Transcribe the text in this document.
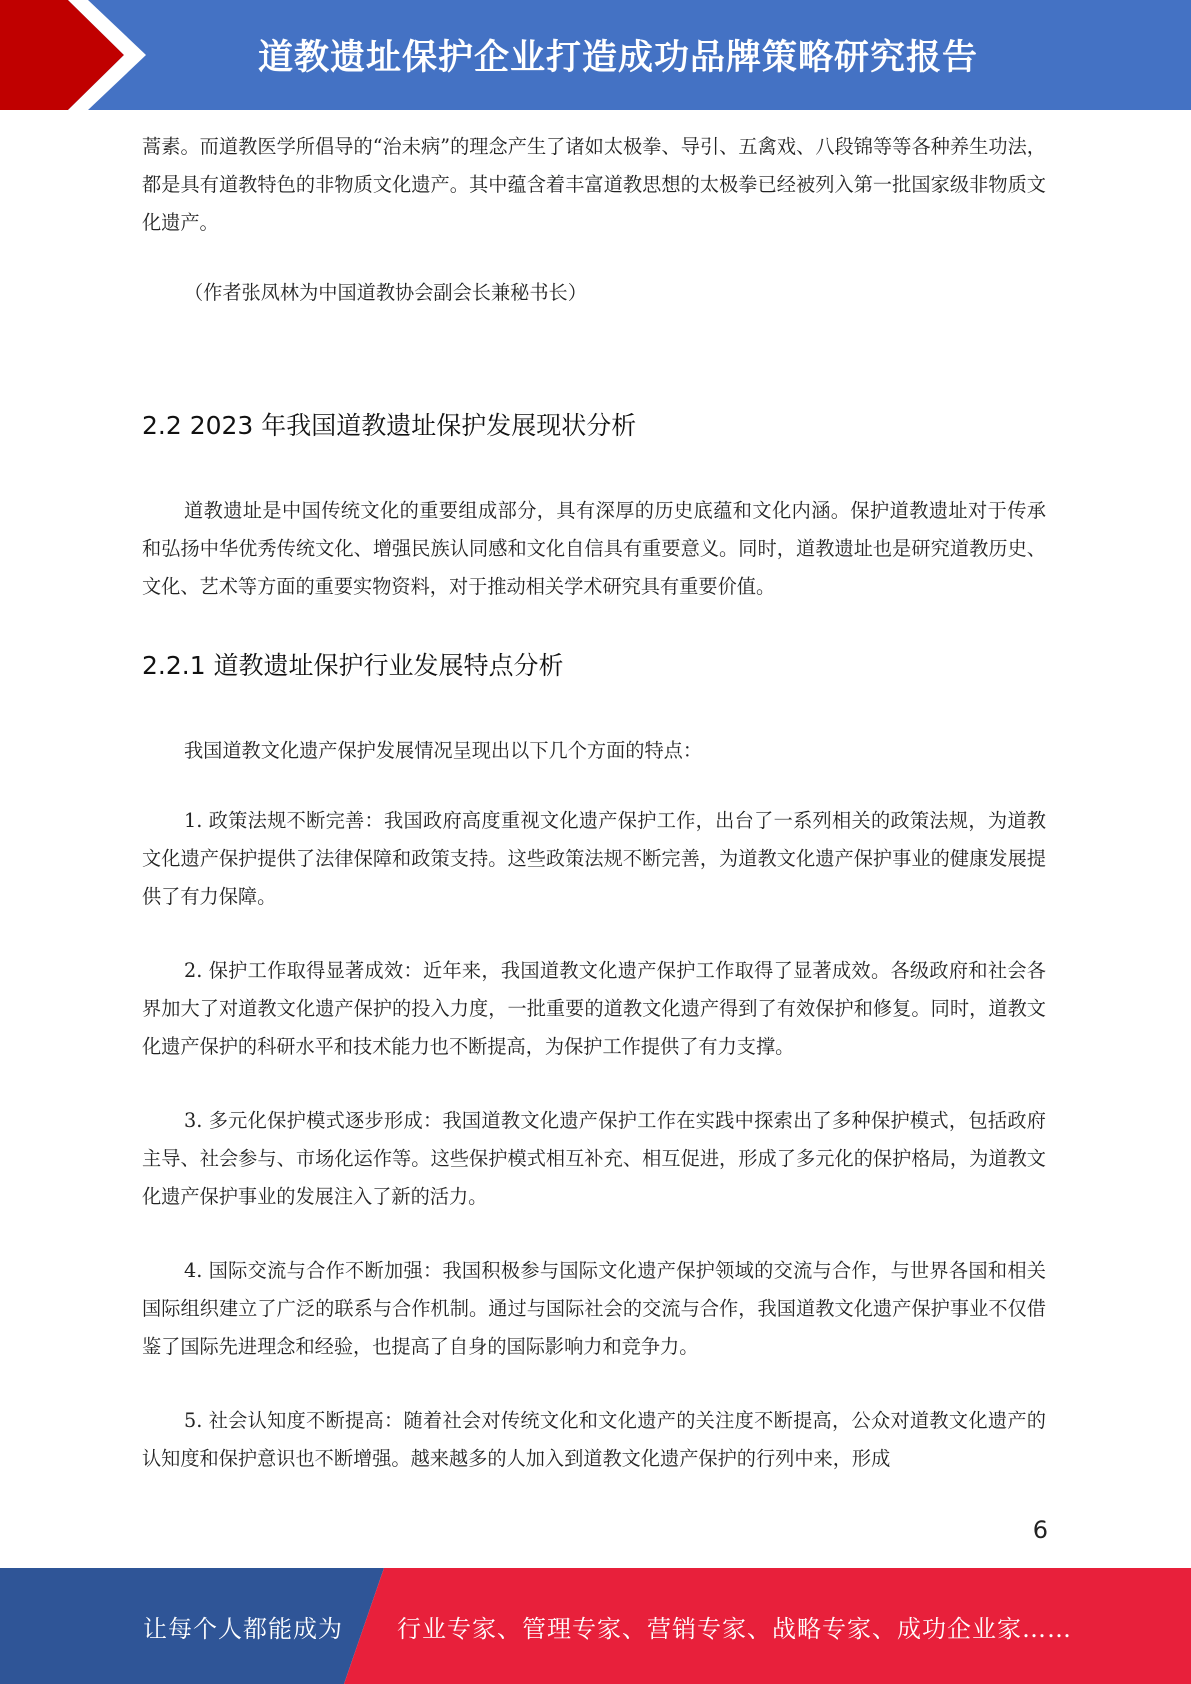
道教遗址保护企业打造成功品牌策略研究报告

蒿素。而道教医学所倡导的“治未病”的理念产生了诸如太极拳、导引、五禽戏、八段锦等等各种养生功法，都是具有道教特色的非物质文化遗产。其中蕴含着丰富道教思想的太极拳已经被列入第一批国家级非物质文化遗产。

（作者张凤林为中国道教协会副会长兼秘书长）

2.2 2023 年我国道教遗址保护发展现状分析

道教遗址是中国传统文化的重要组成部分，具有深厚的历史底蕴和文化内涵。保护道教遗址对于传承和弘扬中华优秀传统文化、增强民族认同感和文化自信具有重要意义。同时，道教遗址也是研究道教历史、文化、艺术等方面的重要实物资料，对于推动相关学术研究具有重要价值。

2.2.1 道教遗址保护行业发展特点分析

我国道教文化遗产保护发展情况呈现出以下几个方面的特点：

1. 政策法规不断完善：我国政府高度重视文化遗产保护工作，出台了一系列相关的政策法规，为道教文化遗产保护提供了法律保障和政策支持。这些政策法规不断完善，为道教文化遗产保护事业的健康发展提供了有力保障。

2. 保护工作取得显著成效：近年来，我国道教文化遗产保护工作取得了显著成效。各级政府和社会各界加大了对道教文化遗产保护的投入力度，一批重要的道教文化遗产得到了有效保护和修复。同时，道教文化遗产保护的科研水平和技术能力也不断提高，为保护工作提供了有力支撑。

3. 多元化保护模式逐步形成：我国道教文化遗产保护工作在实践中探索出了多种保护模式，包括政府主导、社会参与、市场化运作等。这些保护模式相互补充、相互促进，形成了多元化的保护格局，为道教文化遗产保护事业的发展注入了新的活力。

4. 国际交流与合作不断加强：我国积极参与国际文化遗产保护领域的交流与合作，与世界各国和相关国际组织建立了广泛的联系与合作机制。通过与国际社会的交流与合作，我国道教文化遗产保护事业不仅借鉴了国际先进理念和经验，也提高了自身的国际影响力和竞争力。

5. 社会认知度不断提高：随着社会对传统文化和文化遗产的关注度不断提高，公众对道教文化遗产的认知度和保护意识也不断增强。越来越多的人加入到道教文化遗产保护的行列中来，形成

6
让每个人都能成为 行业专家、管理专家、营销专家、战略专家、成功企业家……
